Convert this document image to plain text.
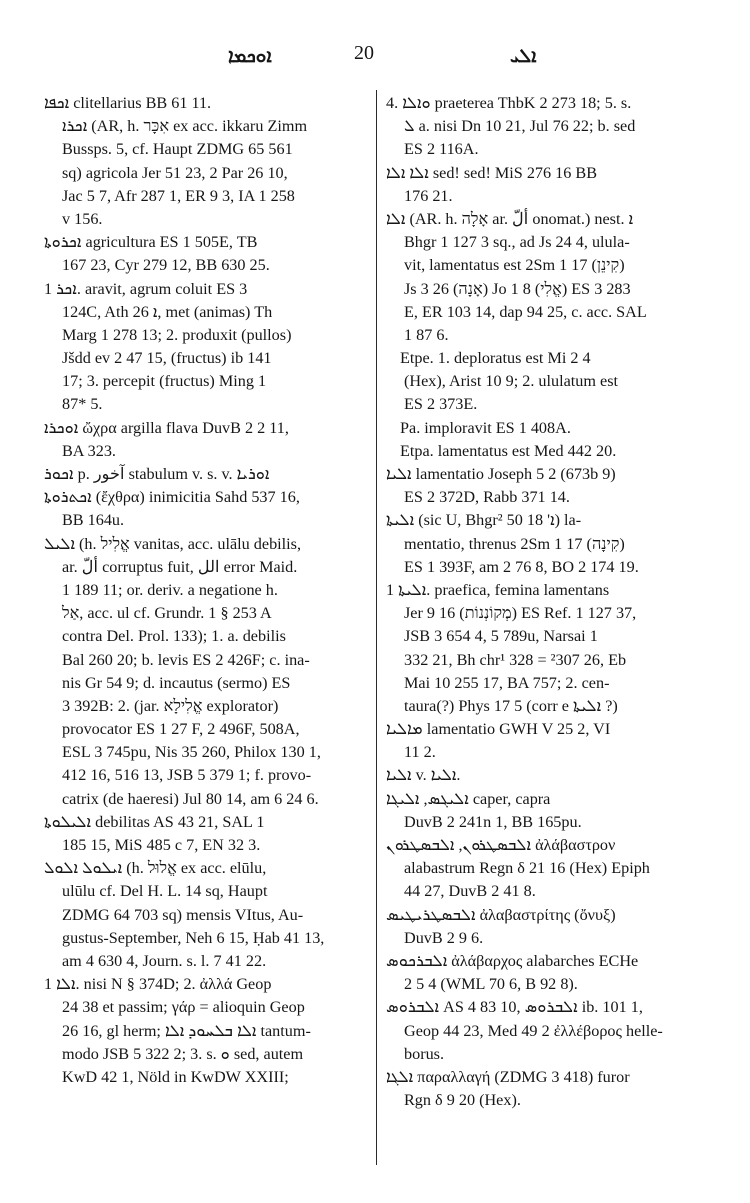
ܐܘܟܡܐ	20	ܐܠܝ
ܐܟܦܐ clitellarius BB 61 11.
ܐܟܪܐ (AR, h. אִכָּר ex acc. ikkaru Zimm
Bussps. 5, cf. Haupt ZDMG 65 561
sq) agricola Jer 51 23, 2 Par 26 10,
Jac 5 7, Afr 287 1, ER 9 3, IA 1 258
v 156.
ܐܟܪܘܬܐ agricultura ES 1 505E, TB
167 23, Cyr 279 12, BB 630 25.
ܐܟܪ 1. aravit, agrum coluit ES 3
124C, Ath ܐ 26, met (animas) Th
Marg 1 278 13; 2. produxit (pullos)
Jšdd ev 2 47 15, (fructus) ib 141
17; 3. percepit (fructus) Ming 1
87* 5.
ܐܘܟܪܐ ὤχρα argilla flava DuvB 2 2 11,
BA 323.
ܐܟܘܪ p. آخور stabulum v. s. v. ܐܘܪܝܐ
ܐܟܬܪܘܬܐ (ἔχθρα) inimicitia Sahd 537 16,
BB 164u.
ܐܠܝܠ (h. אֱלִיל vanitas, acc. ulālu debilis,
ar. ألّ corruptus fuit, الل error Maid.
1 189 11; or. deriv. a negatione h.
אַל, acc. ul cf. Grundr. 1 § 253 A
contra Del. Prol. 133); 1. a. debilis
Bal 260 20; b. levis ES 2 426F; c. ina-
nis Gr 54 9; d. incautus (sermo) ES
3 392B: 2. (jar. אֱלִילָא explorator)
provocator ES 1 27 F, 2 496F, 508A,
ESL 3 745pu, Nis 35 260, Philox 130 1,
412 16, 516 13, JSB 5 379 1; f. provo-
catrix (de haeresi) Jul 80 14, am 6 24 6.
ܐܠܝܠܘܬܐ debilitas AS 43 21, SAL 1
185 15, MiS 485 c 7, EN 32 3.
ܐܝܠܘܠ ܐܠܘܠ (h. אֱלוּל ex acc. elūlu,
ulūlu cf. Del H. L. 14 sq, Haupt
ZDMG 64 703 sq) mensis VItus, Au-
gustus-September, Neh 6 15, Ḥab 41 13,
am 4 630 4, Journ. s. l. 7 41 22.
ܐܠܐ 1. nisi N § 374D; 2. ἀλλά Geop
24 38 et passim; γάρ = alioquin Geop
26 16, gl herm; ܐܠܐ ܒܠܚܘܕ ܐܠܐ tantum-
modo JSB 5 322 2; 3. s. ܘ sed, autem
KwD 42 1, Nöld in KwDW XXIII;
4. ܘܐܠܐ praeterea ThbK 2 273 18; 5. s.
ܠ a. nisi Dn 10 21, Jul 76 22; b. sed
ES 2 116A.
ܐܠܐ ܐܠܐ sed! sed! MiS 276 16 BB
176 21.
ܐܠܐ (AR. h. אָלָה ar. ألّ onomat.) nest. ܐ
Bhgr 1 127 3 sq., ad Js 24 4, ulula-
vit, lamentatus est 2Sm 1 17 (קִינֵן)
Js 3 26 (אָנָה) Jo 1 8 (אֱלִי) ES 3 283
E, ER 103 14, dap 94 25, c. acc. SAL
1 87 6.
Etpe. 1. deploratus est Mi 2 4
(Hex), Arist 10 9; 2. ululatum est
ES 2 373E.
Pa. imploravit ES 1 408A.
Etpa. lamentatus est Med 442 20.
ܐܠܝܐ lamentatio Joseph 5 2 (673b 9)
ES 2 372D, Rabb 371 14.
ܐܠܝܬܐ (sic U, Bhgr² 50 18 'ܐ) la-
mentatio, threnus 2Sm 1 17 (קִינָה)
ES 1 393F, am 2 76 8, BO 2 174 19.
ܐܠܝܬܐ 1. praefica, femina lamentans
Jer 9 16 (מְקוֹנְנוֹת) ES Ref. 1 127 37,
JSB 3 654 4, 5 789u, Narsai 1
332 21, Bh chr¹ 328 = ²307 26, Eb
Mai 10 255 17, BA 757; 2. cen-
taura(?) Phys 17 5 (corr e ܐܠܝܬܐ ?)
ܡܐܠܝܐ lamentatio GWH V 25 2, VI
11 2.
ܐܠܝܐ v. ܐܠܝܐ.
ܐܠܝܓܣ, ܐܠܝܓܐ caper, capra
DuvB 2 241n 1, BB 165pu.
ܐܠܒܣܛܪܘܢ, ܐܠܒܣܛܪܘܢ ἀλάβαστρον
alabastrum Regn δ 21 16 (Hex) Epiph
44 27, DuvB 2 41 8.
ܐܠܒܣܛܪܝܛܝܣ ἀλαβαστρίτης (ὄνυξ)
DuvB 2 9 6.
ܐܠܒܪܟܘܣ ἀλάβαρχος alabarches ECHe
2 5 4 (WML 70 6, B 92 8).
ܐܠܒܪܘܣ AS 4 83 10, ܐܠܒܪܘܣ ib. 101 1,
Geop 44 23, Med 49 2 ἐλλέβορος helle-
borus.
ܐܠܓܐ παραλλαγή (ZDMG 3 418) furor
Rgn δ 9 20 (Hex).
